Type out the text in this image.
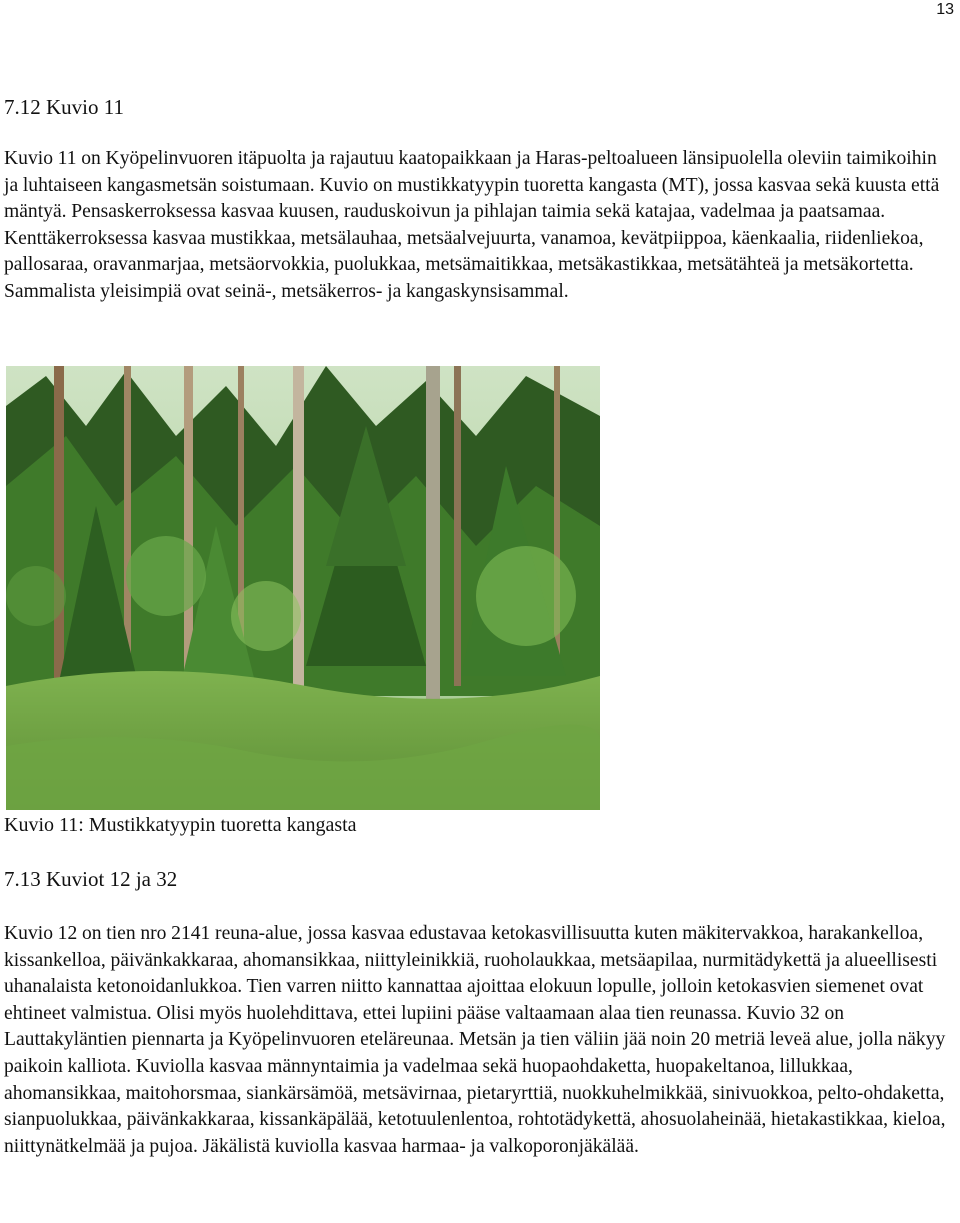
13
7.12 Kuvio 11

Kuvio 11 on Kyöpelinvuoren itäpuolta ja rajautuu kaatopaikkaan ja Haras-peltoalueen länsipuolella oleviin taimikoihin ja luhtaiseen kangasmetsän soistumaan. Kuvio on mustikkatyypin tuoretta kangasta (MT), jossa kasvaa sekä kuusta että mäntyä. Pensaskerroksessa kasvaa kuusen, rauduskoivun ja pihlajan taimia sekä katajaa, vadelmaa ja paatsamaa. Kenttäkerroksessa kasvaa mustikkaa, metsälauhaa, metsäalvejuurta, vanamoa, kevätpiippoa, käenkaalia, riidenliekoa, pallosaraa, oravanmarjaa, metsäorvokkia, puolukkaa, metsämaitikkaa, metsäkastikkaa, metsätähteä ja metsäkortetta. Sammalista yleisimpiä ovat seinä-, metsäkerros- ja kangaskynsisammal.

Kuvio 11: Mustikkatyypin tuoretta kangasta

7.13 Kuviot 12 ja 32

Kuvio 12 on tien nro 2141 reuna-alue, jossa kasvaa edustavaa ketokasvillisuutta kuten mäkitervakkoa, harakankelloa, kissankelloa, päivänkakkaraa, ahomansikkaa, niittyleinikkiä, ruoholaukkaa, metsäapilaa, nurmitädykettä ja alueellisesti uhanalaista ketonoidanlukkoa. Tien varren niitto kannattaa ajoittaa elokuun lopulle, jolloin ketokasvien siemenet ovat ehtineet valmistua. Olisi myös huolehdittava, ettei lupiini pääse valtaamaan alaa tien reunassa. Kuvio 32 on Lauttakyläntien piennarta ja Kyöpelinvuoren eteläreunaa. Metsän ja tien väliin jää noin 20 metriä leveä alue, jolla näkyy paikoin kalliota. Kuviolla kasvaa männyntaimia ja vadelmaa sekä huopaohdaketta, huopakeltanoa, lillukkaa, ahomansikkaa, maitohorsmaa, siankärsämöä, metsävirnaa, pietaryrttiä, nuokkuhelmikkää, sinivuokkoa, pelto-ohdaketta, sianpuolukkaa, päivänkakkaraa, kissankäpälää, ketotuulenlentoa, rohtotädykettä, ahosuolaheinää, hietakastikkaa, kieloa, niittynätkelmää ja pujoa. Jäkälistä kuviolla kasvaa harmaa- ja valkoporonjäkälää.
